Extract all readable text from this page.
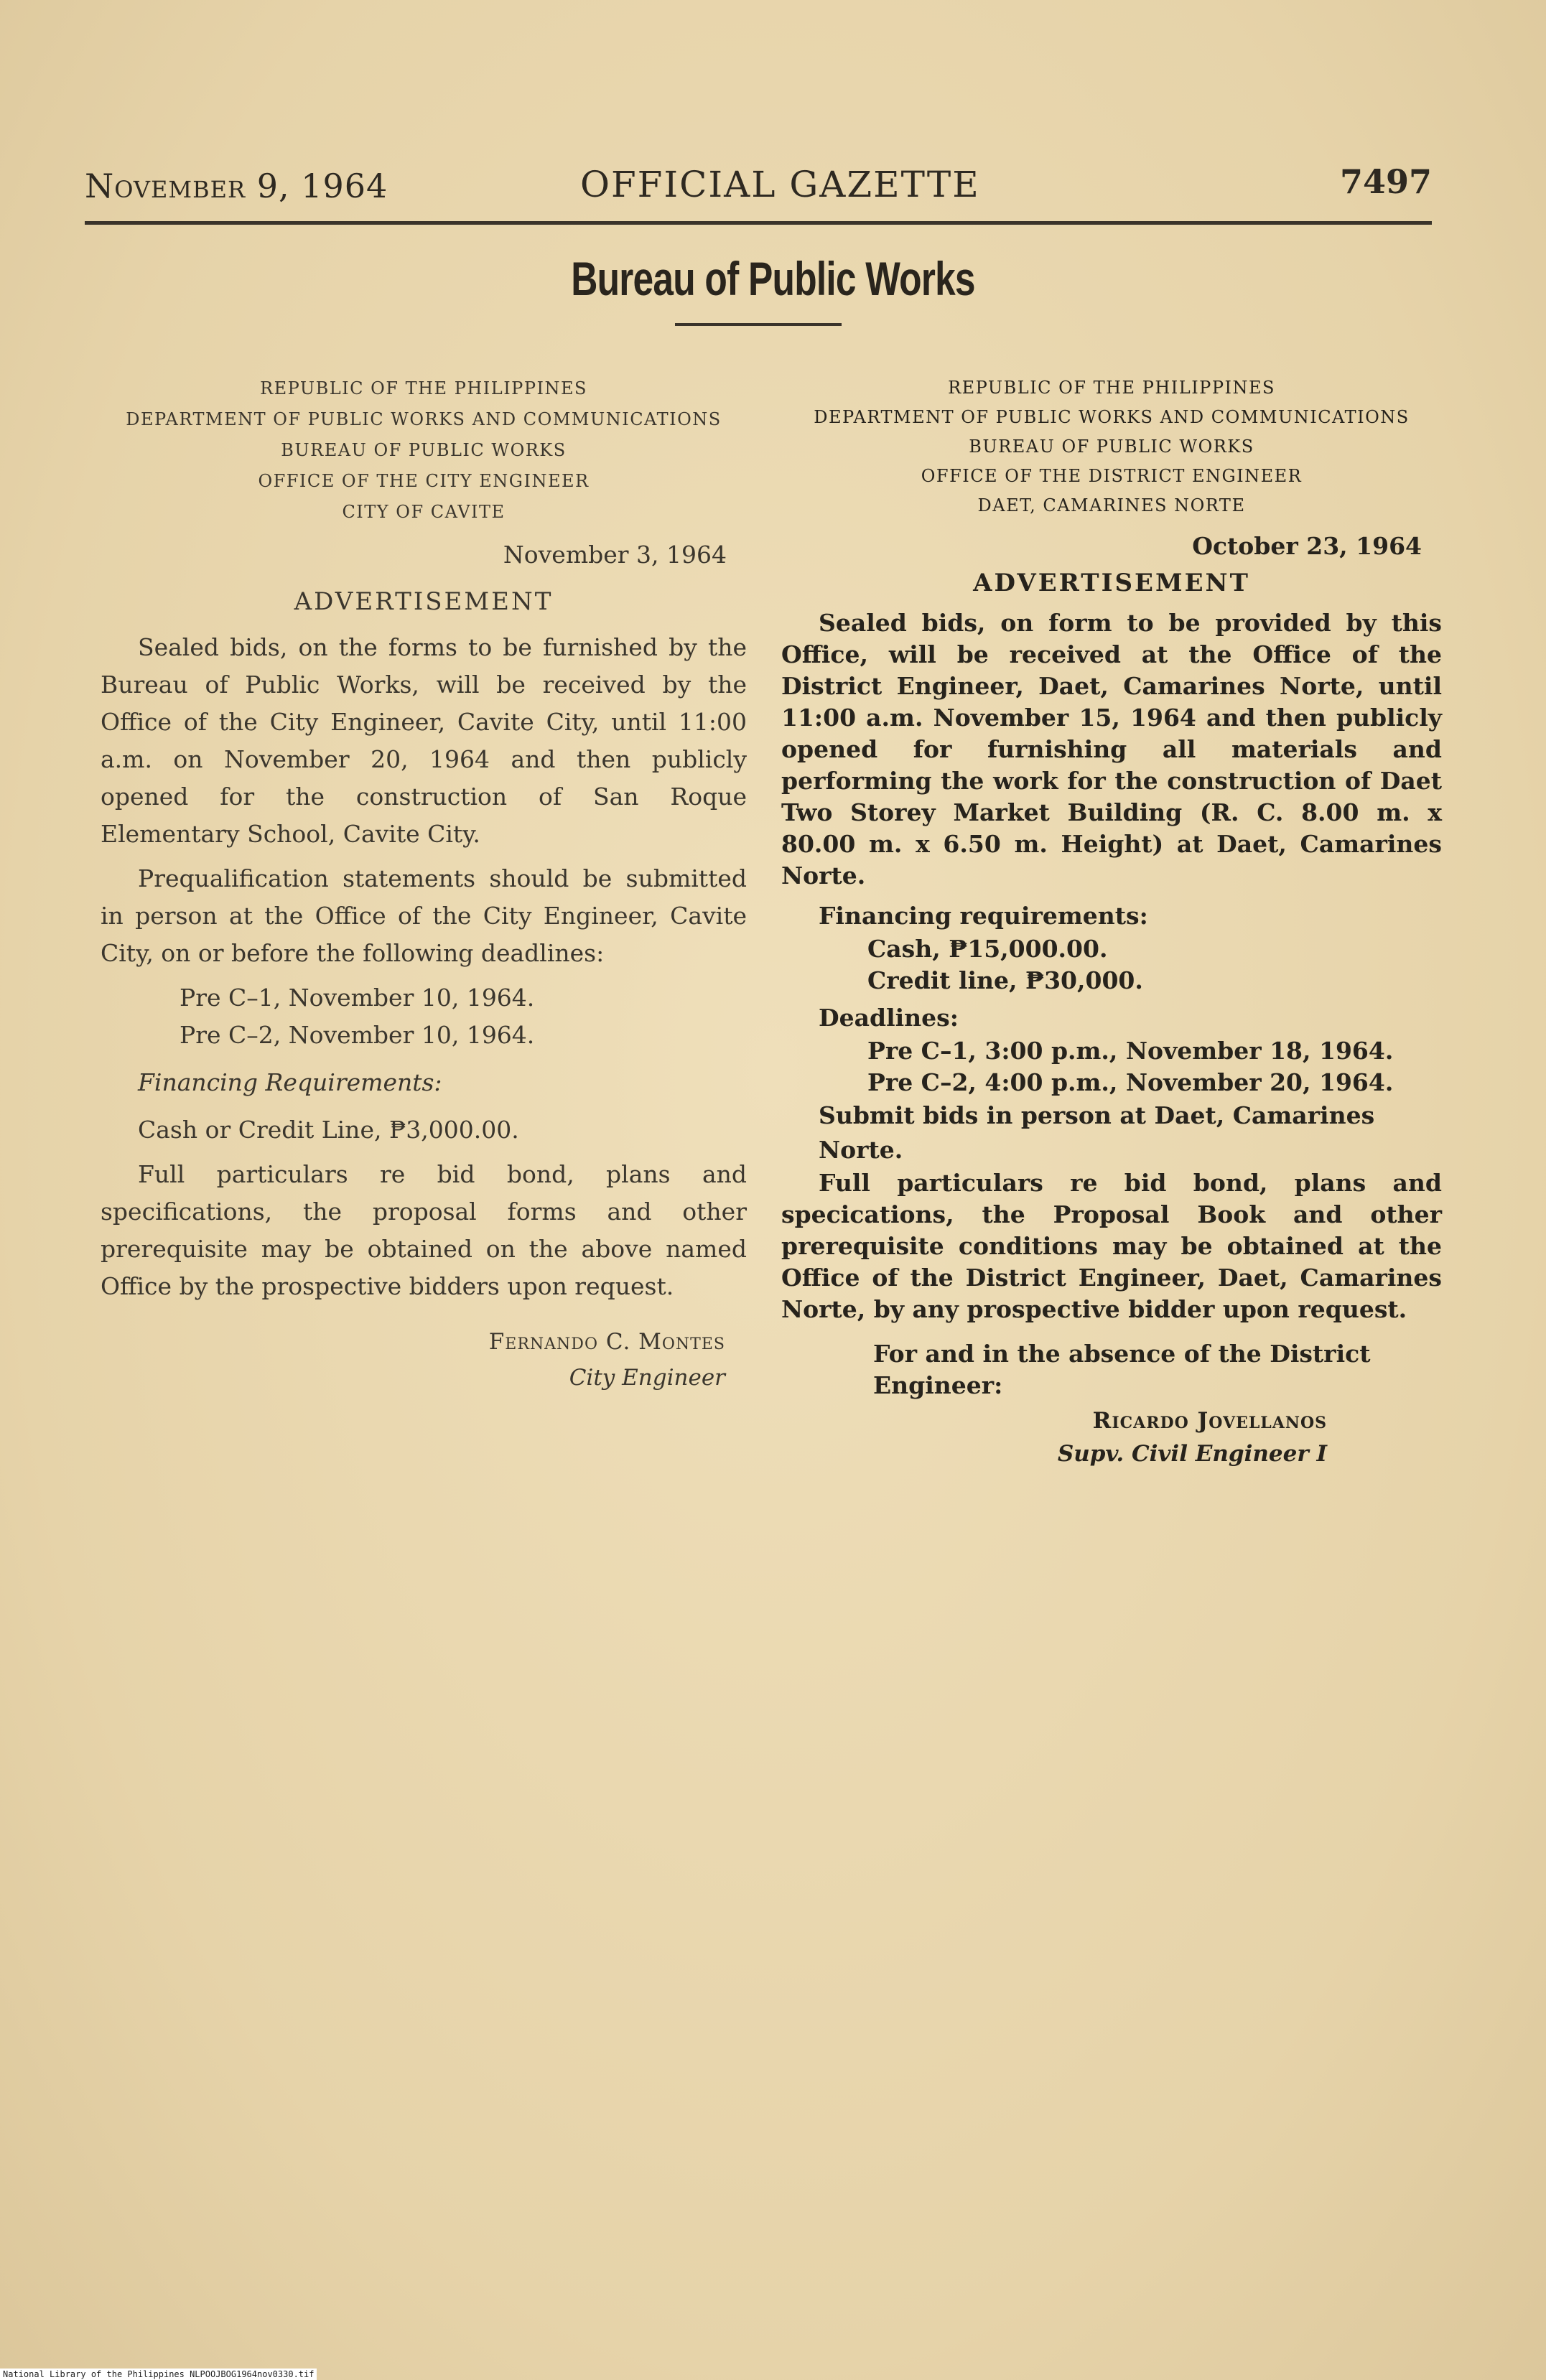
November 9, 1964	OFFICIAL GAZETTE	7497
Bureau of Public Works
REPUBLIC OF THE PHILIPPINES
DEPARTMENT OF PUBLIC WORKS AND COMMUNICATIONS
BUREAU OF PUBLIC WORKS
OFFICE OF THE CITY ENGINEER
CITY OF CAVITE
November 3, 1964
ADVERTISEMENT

Sealed bids, on the forms to be furnished by the Bureau of Public Works, will be received by the Office of the City Engineer, Cavite City, until 11:00 a.m. on November 20, 1964 and then publicly opened for the construction of San Roque Elementary School, Cavite City.

Prequalification statements should be submitted in person at the Office of the City Engineer, Cavite City, on or before the following deadlines:

Pre C–1, November 10, 1964.
Pre C–2, November 10, 1964.
Financing Requirements:
Cash or Credit Line, ₱3,000.00.

Full particulars re bid bond, plans and specifications, the proposal forms and other prerequisite may be obtained on the above named Office by the prospective bidders upon request.

Fernando C. Montes
City Engineer
REPUBLIC OF THE PHILIPPINES
DEPARTMENT OF PUBLIC WORKS AND COMMUNICATIONS
BUREAU OF PUBLIC WORKS
OFFICE OF THE DISTRICT ENGINEER
DAET, CAMARINES NORTE
October 23, 1964
ADVERTISEMENT

Sealed bids, on form to be provided by this Office, will be received at the Office of the District Engineer, Daet, Camarines Norte, until 11:00 a.m. November 15, 1964 and then publicly opened for furnishing all materials and performing the work for the construction of Daet Two Storey Market Building (R. C. 8.00 m. x 80.00 m. x 6.50 m. Height) at Daet, Camarines Norte.

Financing requirements:
Cash, ₱15,000.00.
Credit line, ₱30,000.
Deadlines:
Pre C–1, 3:00 p.m., November 18, 1964.
Pre C–2, 4:00 p.m., November 20, 1964.
Submit bids in person at Daet, Camarines Norte.

Full particulars re bid bond, plans and specications, the Proposal Book and other prerequisite conditions may be obtained at the Office of the District Engineer, Daet, Camarines Norte, by any prospective bidder upon request.

For and in the absence of the District Engineer:
Ricardo Jovellanos
Supv. Civil Engineer I
National Library of the Philippines NLPOOJBOG1964nov0330.tif
